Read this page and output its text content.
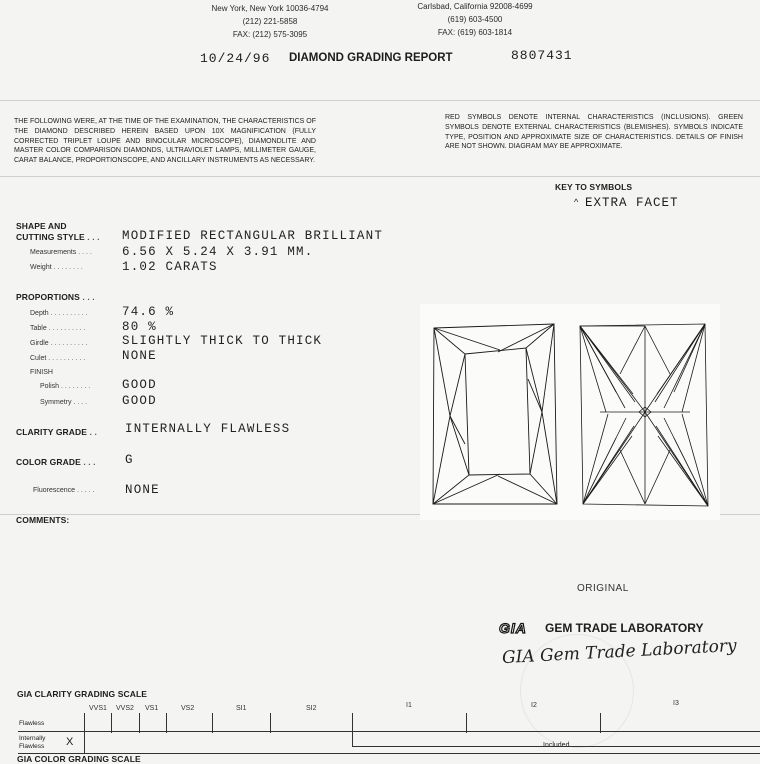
New York, New York 10036-4794
(212) 221-5858
FAX: (212) 575-3095
Carlsbad, California 92008-4699
(619) 603-4500
FAX: (619) 603-1814
10/24/96 DIAMOND GRADING REPORT	8807431
THE FOLLOWING WERE, AT THE TIME OF THE EXAMINATION, THE CHARACTERISTICS OF THE DIAMOND DESCRIBED HEREIN BASED UPON 10X MAGNIFICATION (FULLY CORRECTED TRIPLET LOUPE AND BINOCULAR MICROSCOPE), DIAMONDLITE AND MASTER COLOR COMPARISON DIAMONDS, ULTRAVIOLET LAMPS, MILLIMETER GAUGE, CARAT BALANCE, PROPORTIONSCOPE, AND ANCILLARY INSTRUMENTS AS NECESSARY.
RED SYMBOLS DENOTE INTERNAL CHARACTERISTICS (INCLUSIONS). GREEN SYMBOLS DENOTE EXTERNAL CHARACTERISTICS (BLEMISHES). SYMBOLS INDICATE TYPE, POSITION AND APPROXIMATE SIZE OF CHARACTERISTICS. DETAILS OF FINISH ARE NOT SHOWN. DIAGRAM MAY BE APPROXIMATE.
KEY TO SYMBOLS
^ EXTRA FACET
SHAPE AND
CUTTING STYLE . . . MODIFIED RECTANGULAR BRILLIANT
Measurements . . . . 6.56 X 5.24 X 3.91 MM.
Weight . . . . . . . .	1.02 CARATS
PROPORTIONS . . .
Depth . . . . . . . . . .	74.6 %
Table . . . . . . . . . .	80 %
Girdle . . . . . . . . . .	SLIGHTLY THICK TO THICK
Culet . . . . . . . . . .	NONE
FINISH
Polish . . . . . . . .	GOOD
Symmetry . . . .	GOOD
CLARITY GRADE . . INTERNALLY FLAWLESS
COLOR GRADE . . . G
Fluorescence . . . . . NONE
COMMENTS:
ORIGINAL
GIA GEM TRADE LABORATORY
GIA Gem Trade Laboratory
GIA CLARITY GRADING SCALE
VVS1 VVS2 VS1	VS2	SI1	SI2	I1	I2	I3
Flawless
Internally
Flawless X
GIA COLOR GRADING SCALE
